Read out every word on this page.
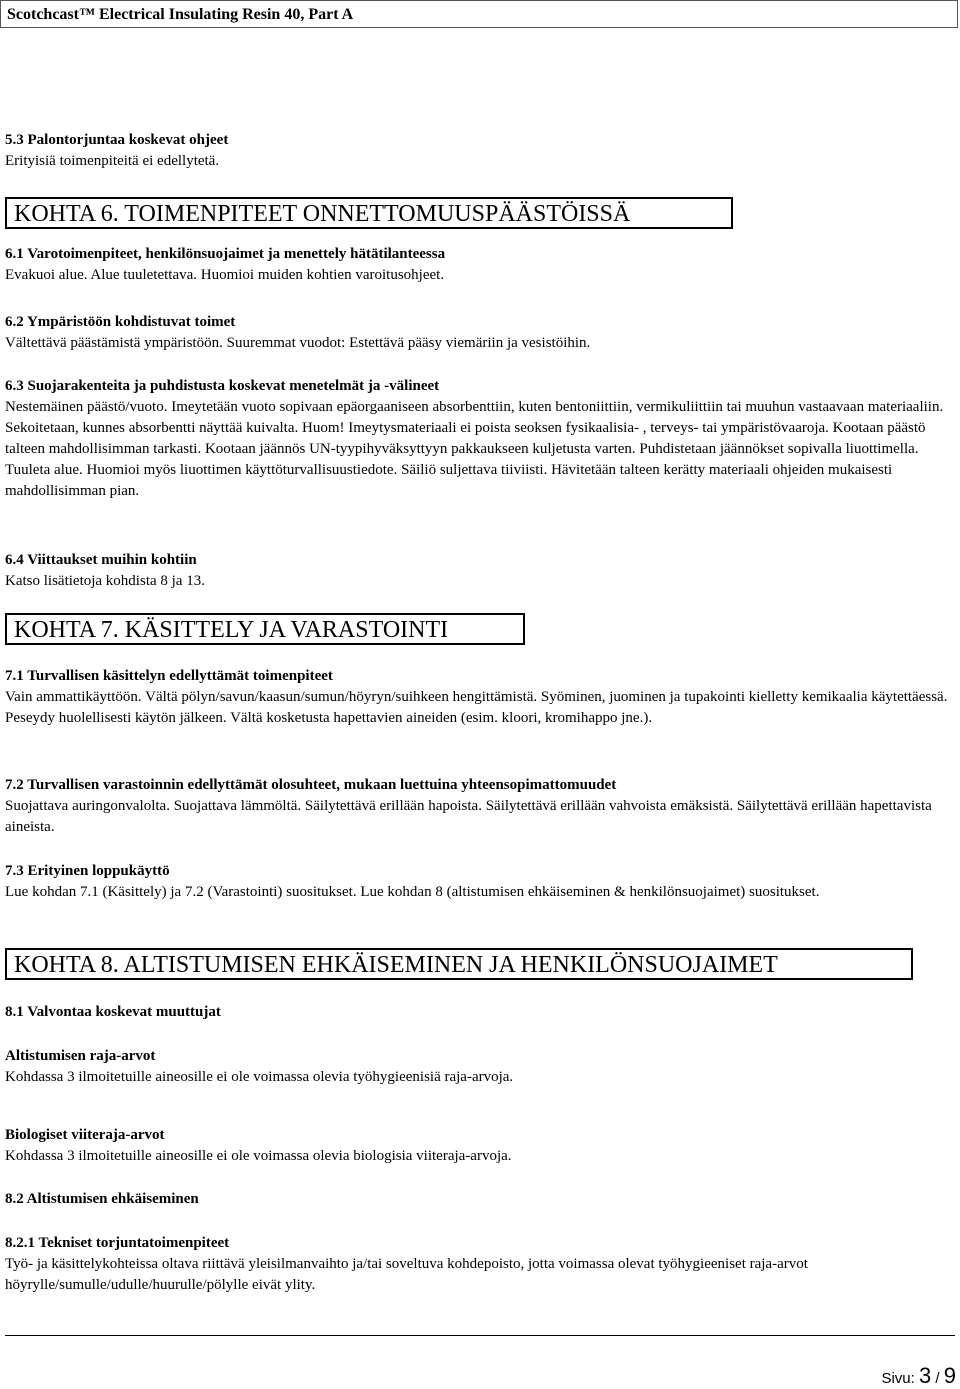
Scotchcast™ Electrical Insulating Resin 40, Part A
5.3 Palontorjuntaa koskevat ohjeet
Erityisiä toimenpiteitä ei edellytetä.
KOHTA 6. TOIMENPITEET ONNETTOMUUSPÄÄSTÖISSÄ
6.1 Varotoimenpiteet, henkilönsuojaimet ja menettely hätätilanteessa
Evakuoi alue. Alue tuuletettava. Huomioi muiden kohtien varoitusohjeet.
6.2 Ympäristöön kohdistuvat toimet
Vältettävä päästämistä ympäristöön. Suuremmat vuodot: Estettävä pääsy viemäriin ja vesistöihin.
6.3 Suojarakenteita ja puhdistusta koskevat menetelmät ja -välineet
Nestemäinen päästö/vuoto. Imeytetään vuoto sopivaan epäorgaaniseen absorbenttiin, kuten bentoniittiin, vermikuliittiin tai muuhun vastaavaan materiaaliin. Sekoitetaan, kunnes absorbentti näyttää kuivalta. Huom! Imeytysmateriaali ei poista seoksen fysikaalisia- , terveys- tai ympäristövaaroja. Kootaan päästö talteen mahdollisimman tarkasti. Kootaan jäännös UN-tyypihyväksyttyyn pakkaukseen kuljetusta varten. Puhdistetaan jäännökset sopivalla liuottimella. Tuuleta alue. Huomioi myös liuottimen käyttöturvallisuustiedote. Säiliö suljettava tiiviisti. Hävitetään talteen kerätty materiaali ohjeiden mukaisesti mahdollisimman pian.
6.4 Viittaukset muihin kohtiin
Katso lisätietoja kohdista 8 ja 13.
KOHTA 7. KÄSITTELY JA VARASTOINTI
7.1 Turvallisen käsittelyn edellyttämät toimenpiteet
Vain ammattikäyttöön. Vältä pölyn/savun/kaasun/sumun/höyryn/suihkeen hengittämistä. Syöminen, juominen ja tupakointi kielletty kemikaalia käytettäessä. Peseydy huolellisesti käytön jälkeen. Vältä kosketusta hapettavien aineiden (esim. kloori, kromihappo jne.).
7.2 Turvallisen varastoinnin edellyttämät olosuhteet, mukaan luettuina yhteensopimattomuudet
Suojattava auringonvalolta. Suojattava lämmöltä. Säilytettävä erillään hapoista. Säilytettävä erillään vahvoista emäksistä. Säilytettävä erillään hapettavista aineista.
7.3 Erityinen loppukäyttö
Lue kohdan 7.1 (Käsittely) ja 7.2 (Varastointi) suositukset. Lue kohdan 8 (altistumisen ehkäiseminen & henkilönsuojaimet) suositukset.
KOHTA 8. ALTISTUMISEN EHKÄISEMINEN JA HENKILÖNSUOJAIMET
8.1 Valvontaa koskevat muuttujat
Altistumisen raja-arvot
Kohdassa 3 ilmoitetuille aineosille ei ole voimassa olevia työhygieenisiä raja-arvoja.
Biologiset viiteraja-arvot
Kohdassa 3 ilmoitetuille aineosille ei ole voimassa olevia biologisia viiteraja-arvoja.
8.2 Altistumisen ehkäiseminen
8.2.1 Tekniset torjuntatoimenpiteet
Työ- ja käsittelykohteissa oltava riittävä yleisilmanvaihto ja/tai soveltuva kohdepoisto, jotta voimassa olevat työhygieeniset raja-arvot höyrylle/sumulle/udulle/huurulle/pölylle eivät ylity.
Sivu: 3 / 9
